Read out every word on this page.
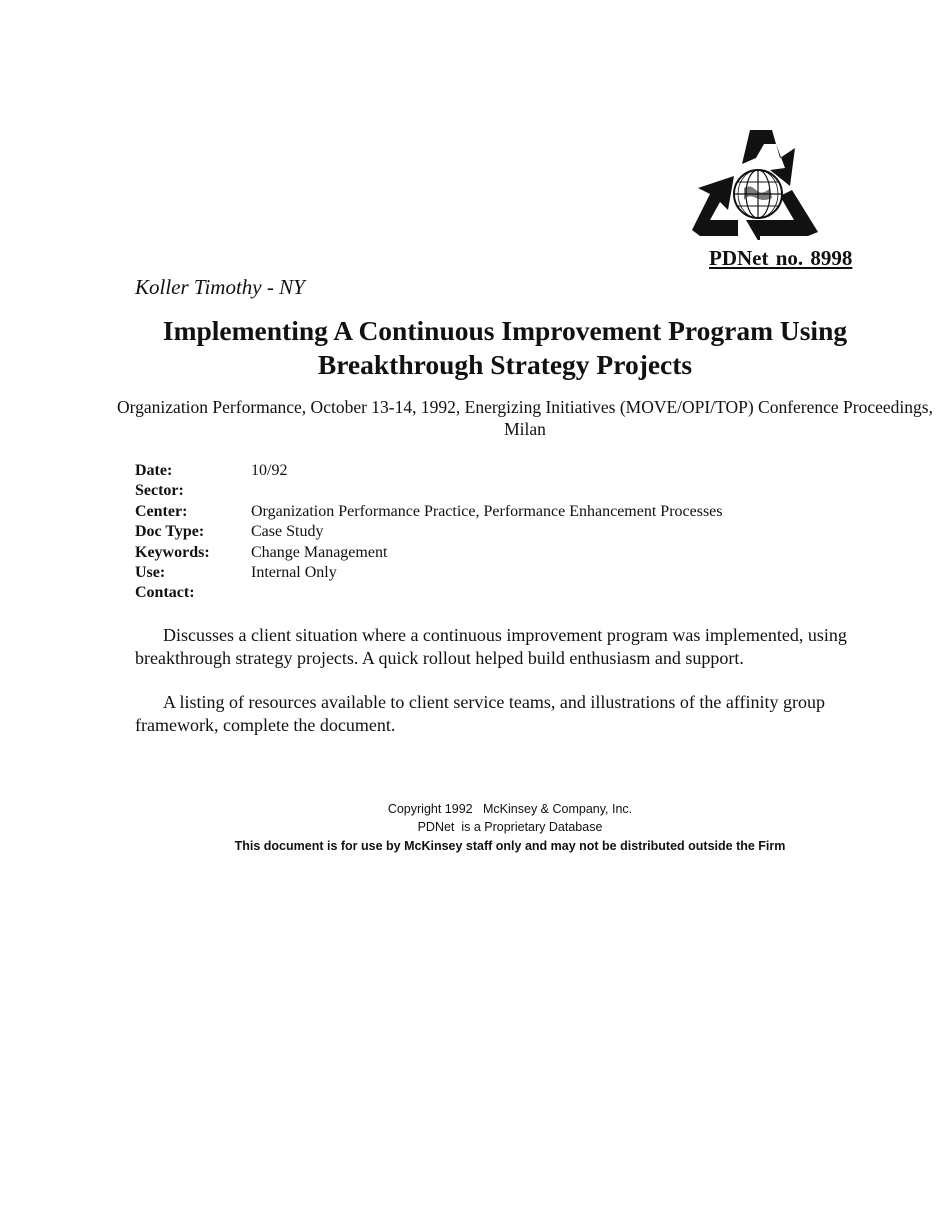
PDNet no. 8998
Koller Timothy - NY
Implementing A Continuous Improvement Program Using Breakthrough Strategy Projects
Organization Performance, October 13-14, 1992, Energizing Initiatives (MOVE/OPI/TOP) Conference Proceedings, Milan
Date:	10/92
Sector:
Center:	Organization Performance Practice, Performance Enhancement Processes
Doc Type:	Case Study
Keywords:	Change Management
Use:	Internal Only
Contact:

Discusses a client situation where a continuous improvement program was implemented, using breakthrough strategy projects. A quick rollout helped build enthusiasm and support.

A listing of resources available to client service teams, and illustrations of the affinity group framework, complete the document.

Copyright 1992   McKinsey & Company, Inc.
PDNet  is a Proprietary Database
This document is for use by McKinsey staff only and may not be distributed outside the Firm
